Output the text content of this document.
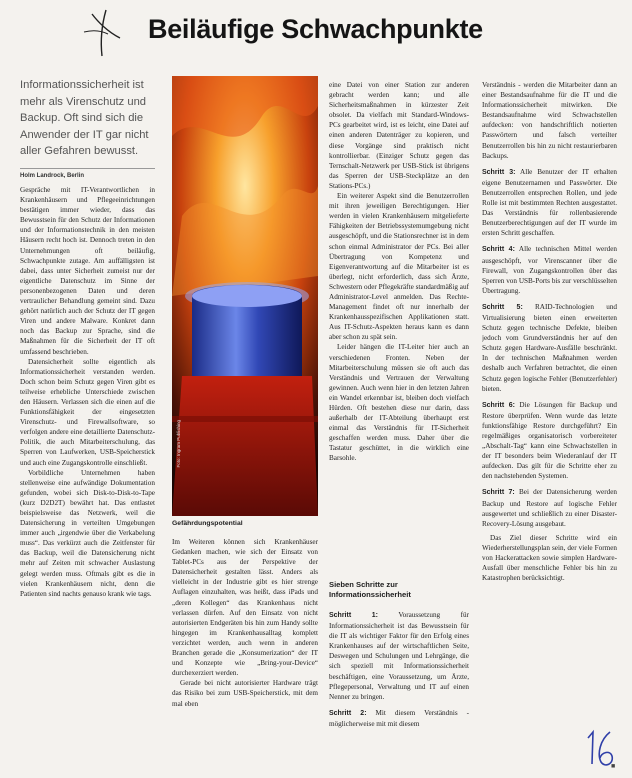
Beiläufige Schwachpunkte
Informationssicherheit ist mehr als Virenschutz und Backup. Oft sind sich die Anwender der IT gar nicht aller Gefahren bewusst.
Holm Landrock, Berlin

Gespräche mit IT-Verantwortlichen in Krankenhäusern und Pflegeeinrichtungen bestätigen immer wieder, dass das Bewusstsein für den Schutz der Informationen und der Informationstechnik in den meisten Häusern recht hoch ist. Dennoch treten in den Unternehmungen oft beiläufig, Schwachpunkte zutage. Am auffälligsten ist dabei, dass unter Sicherheit zumeist nur der eigentliche Datenschutz im Sinne der personenbezogenen Daten und deren vertraulicher Behandlung gemeint sind. Dazu gehört natürlich auch der Schutz der IT gegen Viren und andere Malware. Konkret dann noch das Backup zur Sprache, sind die Maßnahmen für die Sicherheit der IT oft umfassend beschrieben.

Datensicherheit sollte eigentlich als Informationssicherheit verstanden werden. Doch schon beim Schutz gegen Viren gibt es teilweise erhebliche Unterschiede zwischen den Häusern. Verlassen sich die einen auf die Funktionsfähigkeit der eingesetzten Virenschutz- und Firewallsoftware, so verfolgen andere eine detaillierte Datenschutz-Politik, die auch Mitarbeiterschulung, das Sperren von Laufwerken, USB-Speicherstick und auch eine Zugangskontrolle einschließt.

Vorbildliche Unternehmen haben stellenweise eine aufwändige Dokumentation gefunden, wobei sich Disk-to-Disk-to-Tape (kurz D2D2T) bewährt hat. Das entlastet beispielsweise das Netzwerk, weil die Datensicherung in verteilten Umgebungen immer auch „irgendwie über die Verkabelung muss“. Das verkürzt auch die Zeitfenster für das Backup, weil die Datensicherung nicht mehr auf Zeiten mit schwacher Auslastung gelegt werden muss. Oftmals gibt es die in vielen Krankenhäusern nicht, denn die Patienten sind nachts genauso krank wie tags.

Foto: Ingram Publishing
Gefährdungspotential

Im Weiteren können sich Krankenhäuser Gedanken machen, wie sich der Einsatz von Tablet-PCs aus der Perspektive der Datensicherheit gestalten lässt. Anders als vielleicht in der Industrie gibt es hier strenge Auflagen einzuhalten, was heißt, dass iPads und „deren Kollegen“ das Krankenhaus nicht verlassen dürfen. Auf den Einsatz von nicht autorisierten Endgeräten bis hin zum Handy sollte hingegen im Krankenhausalltag komplett verzichtet werden, auch wenn in anderen Branchen gerade die „Konsumerization“ der IT und Konzepte wie „Bring-your-Device“ durchexerziert werden.

Gerade bei nicht autorisierter Hardware trägt das Risiko bei zum USB-Speicherstick, mit dem mal eben

eine Datei von einer Station zur anderen gebracht werden kann; und alle Sicherheitsmaßnahmen in kürzester Zeit obsolet. Da vielfach mit Standard-Windows-PCs gearbeitet wird, ist es leicht, eine Datei auf einen anderen Datenträger zu kopieren, und diese Vorgänge sind praktisch nicht kontrollierbar. (Einziger Schutz gegen das Ternschalt-Netzwerk per USB-Stick ist übrigens das Sperren der USB-Steckplätze an den Stations-PCs.)

Ein weiterer Aspekt sind die Benutzerrollen mit ihren jeweiligen Berechtigungen. Hier werden in vielen Krankenhäusern mitgelieferte Fähigkeiten der Betriebssystemumgebung nicht ausgeschöpft, und die Stationsrechner ist in dem schon einmal Administrator der PCs. Bei aller Übertragung von Kompetenz und Eigenverantwortung auf die Mitarbeiter ist es überlegt, nicht erforderlich, dass sich Ärzte, Schwestern oder Pflegekräfte standardmäßig auf Administrator-Level anmelden. Das Rechte-Management findet oft nur innerhalb der Krankenhausspezifischen Applikationen statt. Aus IT-Schutz-Aspekten heraus kann es dann aber schon zu spät sein.

Leider hängen die IT-Leiter hier auch an verschiedenen Fronten. Neben der Mitarbeiterschulung müssen sie oft auch das Verständnis und Vertrauen der Verwaltung gewinnen. Auch wenn hier in den letzten Jahren ein Wandel erkennbar ist, bleiben doch vielfach Hürden. Oft bestehen diese nur darin, dass außerhalb der IT-Abteilung überhaupt erst einmal das Verständnis für IT-Sicherheit geschaffen werden muss. Daher über die Tastatur geschüttet, in die wirklich eine Barsohle.

Sieben Schritte zur Informationssicherheit

Schritt 1:	Voraussetzung für Informationssicherheit ist das Bewusstsein für die IT als wichtiger Faktor für den Erfolg eines Krankenhauses auf der wirtschaftlichen Seite, Deswegen und Schulungen und Lehrgänge, die sich speziell mit Informationssicherheit beschäftigen, eine Voraussetzung, um Ärzte, Pflegepersonal, Verwaltung und IT auf einen Nenner zu bringen.

Schritt 2: Mit diesem Verständnis - möglicherweise mit mit diesem

Verständnis - werden die Mitarbeiter dann an einer Bestandsaufnahme für die IT und die Informationssicherheit mitwirken. Die Bestandsaufnahme wird Schwachstellen aufdecken: von handschriftlich notierten Passwörtern und falsch verteilter Benutzerrollen bis hin zu nicht restaurierbaren Backups.

Schritt 3: Alle Benutzer der IT erhalten eigene Benutzernamen und Passwörter. Die Benutzerrollen entsprechen Rollen, und jede Rolle ist mit bestimmten Rechten ausgestattet. Das Verständnis für rollenbasierende Benutzerberechtigungen auf der IT wurde im ersten Schritt geschaffen.

Schritt 4: Alle technischen Mittel werden ausgeschöpft, vor Virenscanner über die Firewall, von Zugangskontrollen über das Sperren von USB-Ports bis zur verschlüsselten Übertragung.

Schritt 5: RAID-Technologien und Virtualisierung bieten einen erweiterten Schutz gegen technische Defekte, bleiben jedoch vom Grundverständnis her auf den Schutz gegen Hardware-Ausfälle beschränkt. In der technischen Maßnahmen werden deshalb auch Verfahren betrachtet, die einen Schutz gegen logische Fehler (Benutzerfehler) bieten.

Schritt 6: Die Lösungen für Backup und Restore überprüfen. Wenn wurde das letzte funktionsfähige Restore durchgeführt? Ein regelmäßiges organisatorisch vorbereiteter „Abschalt-Tag“ kann eine Schwachstellen in der IT besonders beim Wiederanlauf der IT aufdecken. Das gilt für die Schritte eher zu den nachstehenden Systemen.

Schritt 7: Bei der Datensicherung werden Backup und Restore auf logische Fehler ausgewertet und schließlich zu einer Disaster-Recovery-Lösung ausgebaut.

Das Ziel dieser Schritte wird ein Wiederherstellungsplan sein, der viele Formen von Hackerattacken sowie simplen Hardware-Ausfall über menschliche Fehler bis hin zu Katastrophen berücksichtigt.

■
